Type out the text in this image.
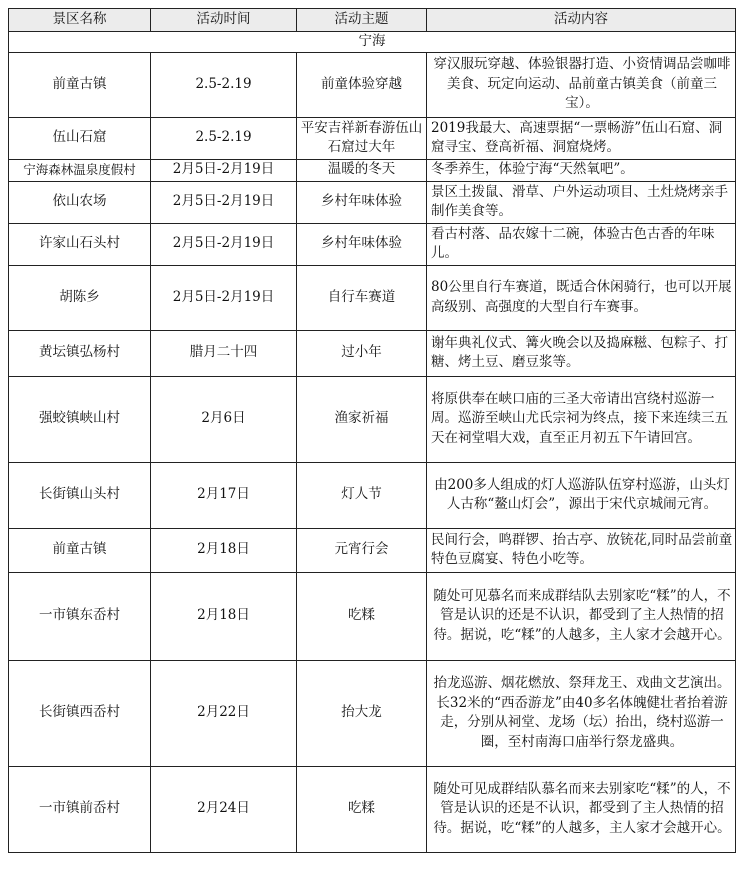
景区名称	活动时间	活动主题	活动内容
宁海			
前童古镇	2.5-2.19	前童体验穿越	穿汉服玩穿越、体验银器打造、小资情调品尝咖啡美食、玩定向运动、品前童古镇美食（前童三宝）。
伍山石窟	2.5-2.19	平安吉祥新春游伍山石窟过大年	2019我最大、高速票据“一票畅游”伍山石窟、洞窟寻宝、登高祈福、洞窟烧烤。
宁海森林温泉度假村	2月5日-2月19日	温暖的冬天	冬季养生，体验宁海“天然氧吧”。
依山农场	2月5日-2月19日	乡村年味体验	景区土拨鼠、滑草、户外运动项目、土灶烧烤亲手制作美食等。
许家山石头村	2月5日-2月19日	乡村年味体验	看古村落、品农嫁十二碗，体验古色古香的年味儿。
胡陈乡	2月5日-2月19日	自行车赛道	80公里自行车赛道，既适合休闲骑行，也可以开展高级别、高强度的大型自行车赛事。
黄坛镇弘杨村	腊月二十四	过小年	谢年典礼仪式、篝火晚会以及捣麻糍、包粽子、打糖、烤土豆、磨豆浆等。
强蛟镇峡山村	2月6日	渔家祈福	将原供奉在峡口庙的三圣大帝请出宫绕村巡游一周。巡游至峡山尤氏宗祠为终点，接下来连续三五天在祠堂唱大戏，直至正月初五下午请回宫。
长街镇山头村	2月17日	灯人节	由200多人组成的灯人巡游队伍穿村巡游，山头灯人古称“鳌山灯会”，源出于宋代京城闹元宵。
前童古镇	2月18日	元宵行会	民间行会，鸣群锣、抬古亭、放铳花,同时品尝前童特色豆腐宴、特色小吃等。
一市镇东岙村	2月18日	吃糅	随处可见慕名而来成群结队去别家吃“糅”的人，不管是认识的还是不认识，都受到了主人热情的招待。据说，吃“糅”的人越多，主人家才会越开心。
长街镇西岙村	2月22日	抬大龙	抬龙巡游、烟花燃放、祭拜龙王、戏曲文艺演出。长32米的“西岙游龙”由40多名体魄健壮者抬着游走，分别从祠堂、龙场（坛）抬出，绕村巡游一圈，至村南海口庙举行祭龙盛典。
一市镇前岙村	2月24日	吃糅	随处可见成群结队慕名而来去别家吃“糅”的人，不管是认识的还是不认识，都受到了主人热情的招待。据说，吃“糅”的人越多，主人家才会越开心。
